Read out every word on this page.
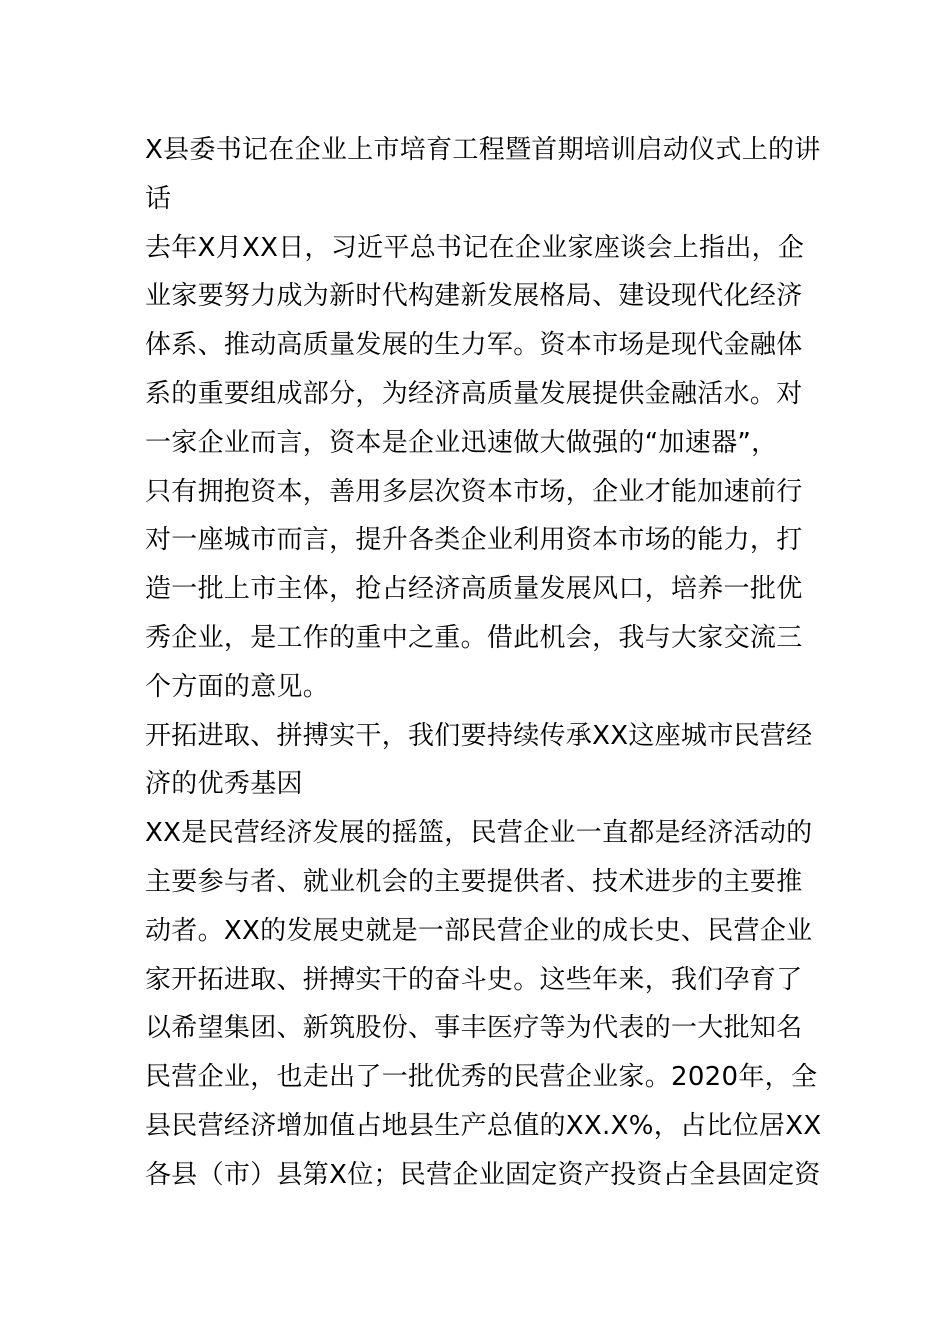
X县委书记在企业上市培育工程暨首期培训启动仪式上的讲
话
去年X月XX日，习近平总书记在企业家座谈会上指出，企
业家要努力成为新时代构建新发展格局、建设现代化经济
体系、推动高质量发展的生力军。资本市场是现代金融体
系的重要组成部分，为经济高质量发展提供金融活水。对
一家企业而言，资本是企业迅速做大做强的“加速器”，
只有拥抱资本，善用多层次资本市场，企业才能加速前行
对一座城市而言，提升各类企业利用资本市场的能力，打
造一批上市主体，抢占经济高质量发展风口，培养一批优
秀企业，是工作的重中之重。借此机会，我与大家交流三
个方面的意见。
开拓进取、拼搏实干，我们要持续传承XX这座城市民营经
济的优秀基因
XX是民营经济发展的摇篮，民营企业一直都是经济活动的
主要参与者、就业机会的主要提供者、技术进步的主要推
动者。XX的发展史就是一部民营企业的成长史、民营企业
家开拓进取、拼搏实干的奋斗史。这些年来，我们孕育了
以希望集团、新筑股份、事丰医疗等为代表的一大批知名
民营企业，也走出了一批优秀的民营企业家。2020年，全
县民营经济增加值占地县生产总值的XX.X%，占比位居XX
各县（市）县第X位；民营企业固定资产投资占全县固定资
